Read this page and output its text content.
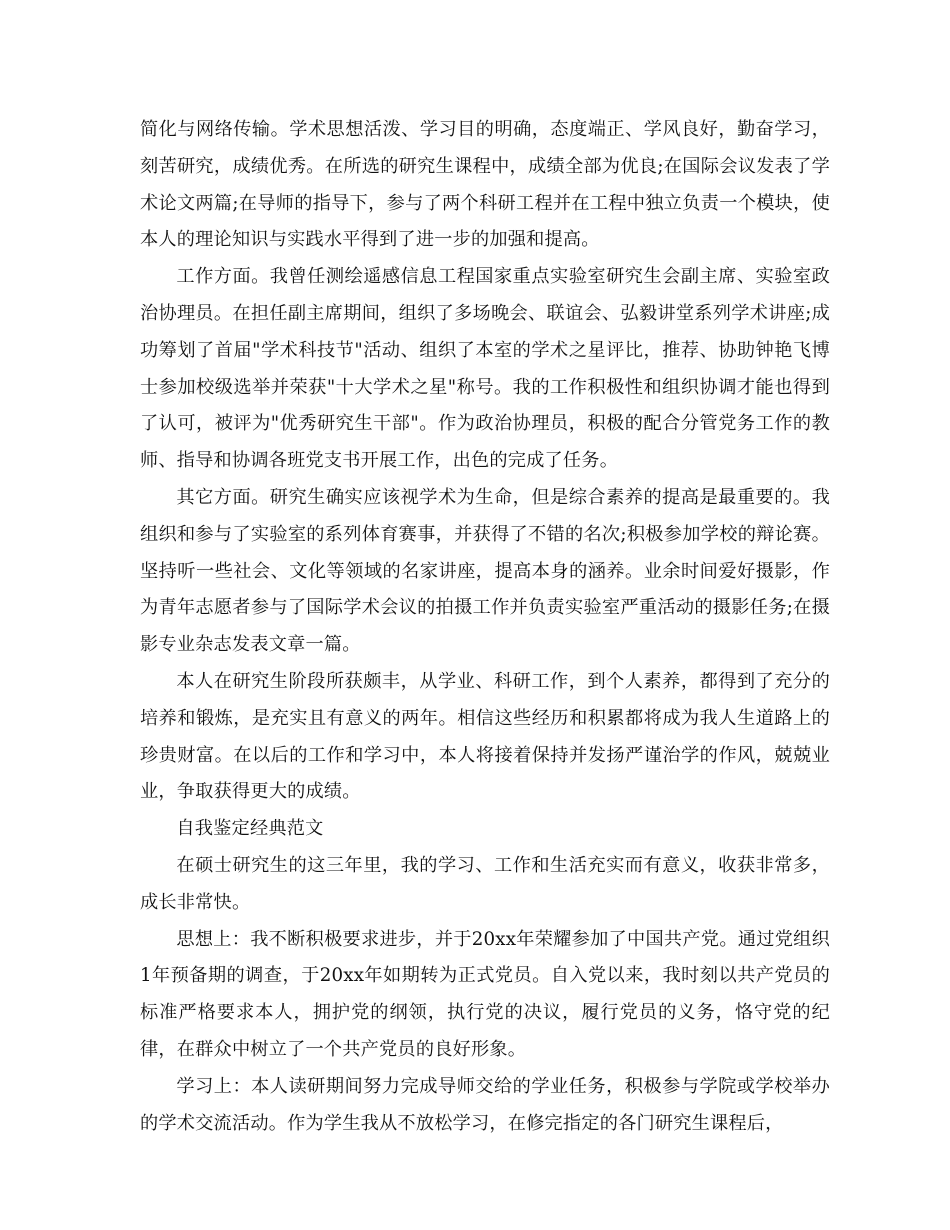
简化与网络传输。学术思想活泼、学习目的明确，态度端正、学风良好，勤奋学习，刻苦研究，成绩优秀。在所选的研究生课程中，成绩全部为优良;在国际会议发表了学术论文两篇;在导师的指导下，参与了两个科研工程并在工程中独立负责一个模块，使本人的理论知识与实践水平得到了进一步的加强和提高。

工作方面。我曾任测绘遥感信息工程国家重点实验室研究生会副主席、实验室政治协理员。在担任副主席期间，组织了多场晚会、联谊会、弘毅讲堂系列学术讲座;成功筹划了首届"学术科技节"活动、组织了本室的学术之星评比，推荐、协助钟艳飞博士参加校级选举并荣获"十大学术之星"称号。我的工作积极性和组织协调才能也得到了认可，被评为"优秀研究生干部"。作为政治协理员，积极的配合分管党务工作的教师、指导和协调各班党支书开展工作，出色的完成了任务。

其它方面。研究生确实应该视学术为生命，但是综合素养的提高是最重要的。我组织和参与了实验室的系列体育赛事，并获得了不错的名次;积极参加学校的辩论赛。坚持听一些社会、文化等领域的名家讲座，提高本身的涵养。业余时间爱好摄影，作为青年志愿者参与了国际学术会议的拍摄工作并负责实验室严重活动的摄影任务;在摄影专业杂志发表文章一篇。

本人在研究生阶段所获颇丰，从学业、科研工作，到个人素养，都得到了充分的培养和锻炼，是充实且有意义的两年。相信这些经历和积累都将成为我人生道路上的珍贵财富。在以后的工作和学习中，本人将接着保持并发扬严谨治学的作风，兢兢业业，争取获得更大的成绩。

自我鉴定经典范文

在硕士研究生的这三年里，我的学习、工作和生活充实而有意义，收获非常多，成长非常快。

思想上：我不断积极要求进步，并于20xx年荣耀参加了中国共产党。通过党组织1年预备期的调查，于20xx年如期转为正式党员。自入党以来，我时刻以共产党员的标准严格要求本人，拥护党的纲领，执行党的决议，履行党员的义务，恪守党的纪律，在群众中树立了一个共产党员的良好形象。

学习上：本人读研期间努力完成导师交给的学业任务，积极参与学院或学校举办的学术交流活动。作为学生我从不放松学习，在修完指定的各门研究生课程后，
